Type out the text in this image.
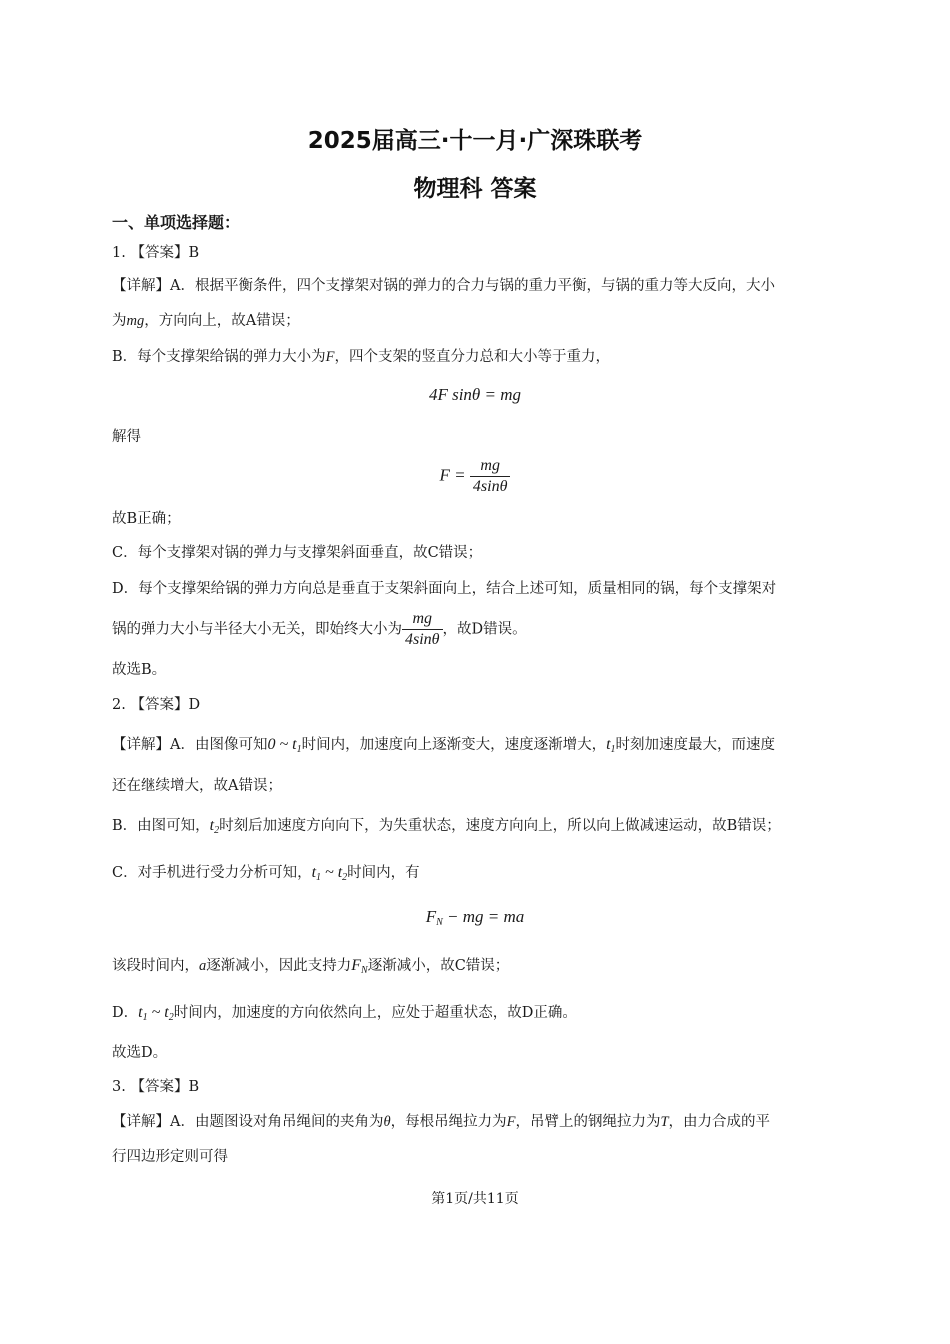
2025届高三·十一月·广深珠联考
物理科 答案
一、单项选择题：
1. 【答案】B
【详解】A．根据平衡条件，四个支撑架对锅的弹力的合力与锅的重力平衡，与锅的重力等大反向，大小
为mg，方向向上，故A错误；
B．每个支撑架给锅的弹力大小为F，四个支架的竖直分力总和大小等于重力，
4F sinθ = mg
解得
$F = \frac{mg}{4\sin\theta}$
故B正确；
C．每个支撑架对锅的弹力与支撑架斜面垂直，故C错误；
D．每个支撑架给锅的弹力方向总是垂直于支架斜面向上，结合上述可知，质量相同的锅，每个支撑架对
锅的弹力大小与半径大小无关，即始终大小为 $\frac{mg}{4\sin\theta}$ ，故D错误。
故选B。
2. 【答案】D
【详解】A．由图像可知0 ~ $t_1$时间内，加速度向上逐渐变大，速度逐渐增大，$t_1$时刻加速度最大，而速度
还在继续增大，故A错误；
B．由图可知，$t_2$时刻后加速度方向向下，为失重状态，速度方向向上，所以向上做减速运动，故B错误；
C．对手机进行受力分析可知，$t_1$ ~ $t_2$时间内，有
$F_N$ − mg = ma
该段时间内，a逐渐减小，因此支持力$F_N$逐渐减小，故C错误；
D．$t_1$ ~ $t_2$时间内，加速度的方向依然向上，应处于超重状态，故D正确。
故选D。
3. 【答案】B
【详解】A．由题图设对角吊绳间的夹角为θ，每根吊绳拉力为F，吊臂上的钢绳拉力为T，由力合成的平
行四边形定则可得
第1页/共11页
